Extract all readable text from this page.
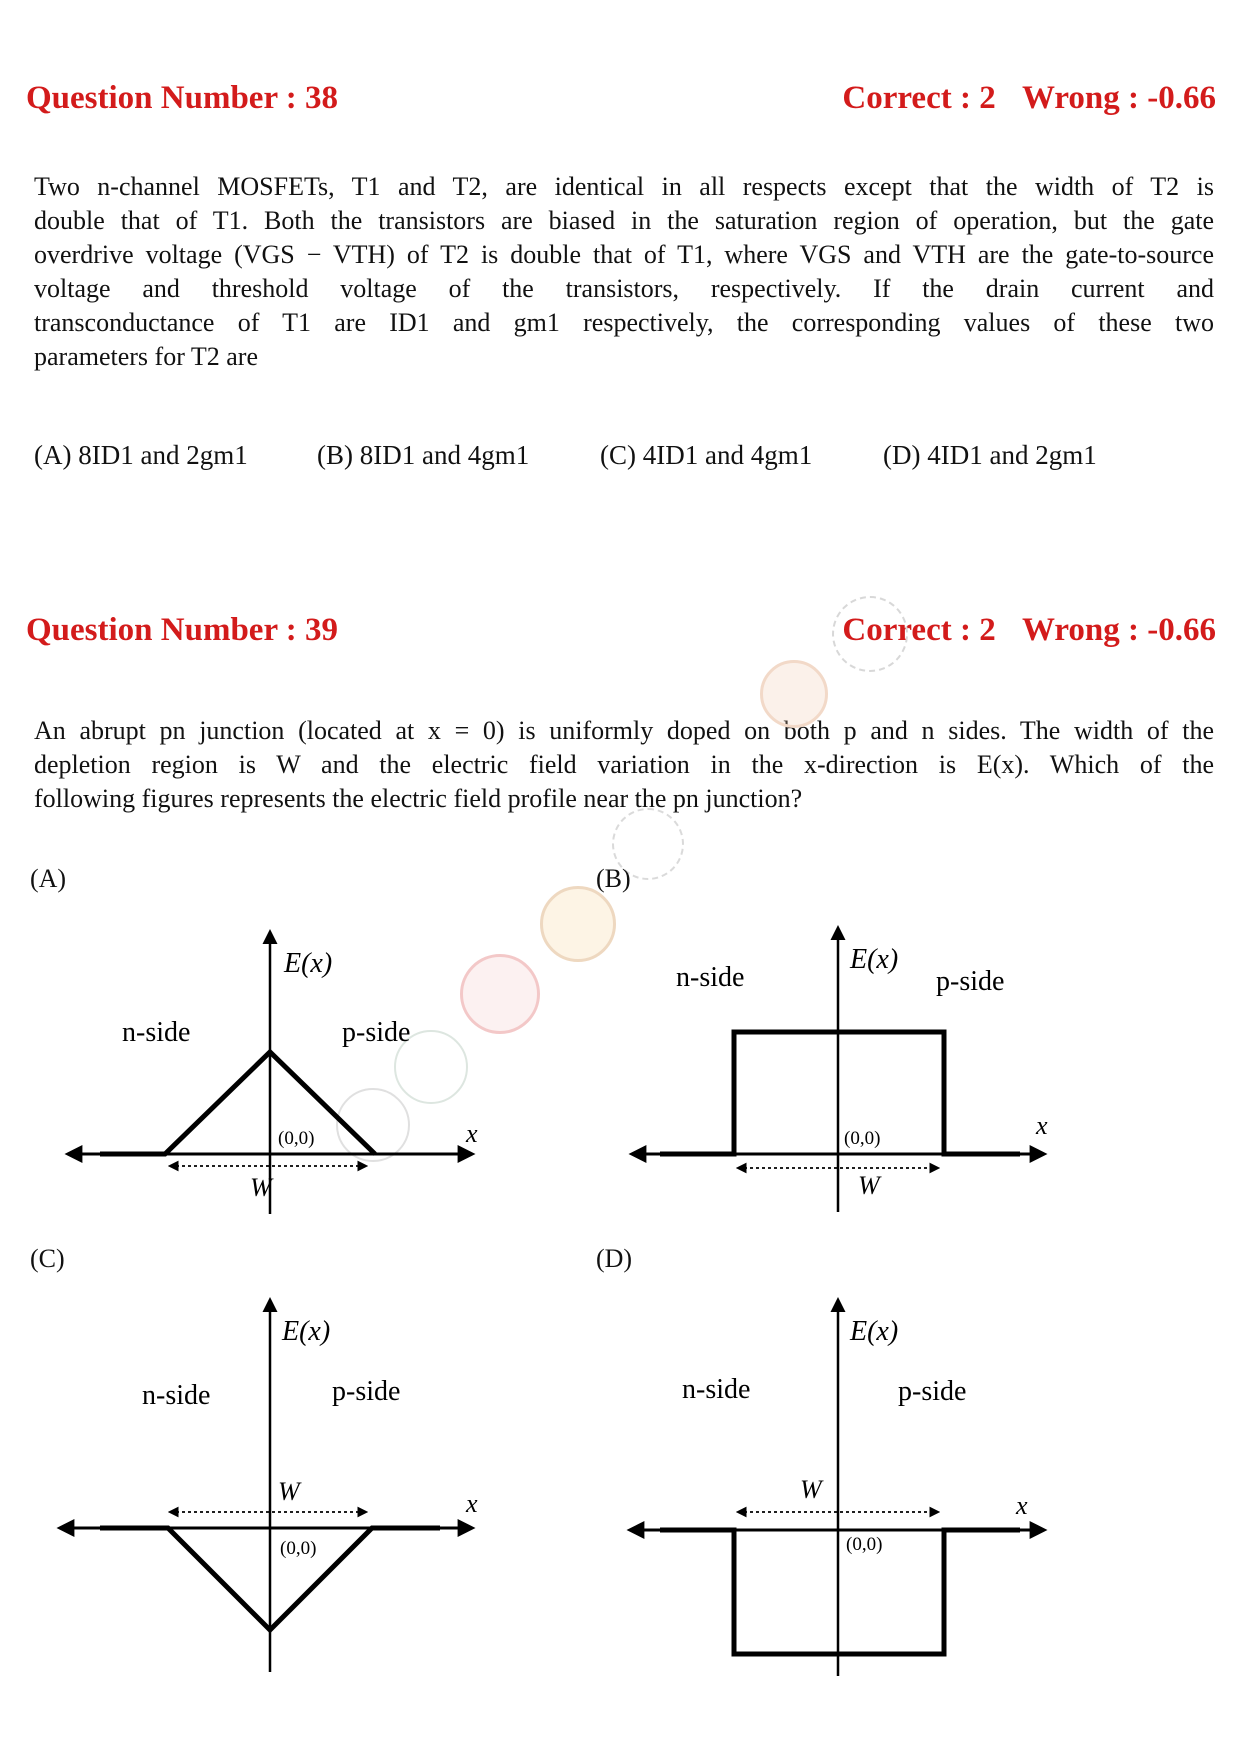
Question Number : 38	Correct : 2 Wrong : -0.66
Two n-channel MOSFETs, T1 and T2, are identical in all respects except that the width of T2 is
double that of T1. Both the transistors are biased in the saturation region of operation, but the gate
overdrive voltage (VGS − VTH) of T2 is double that of T1, where VGS and VTH are the gate-to-source
voltage and threshold voltage of the transistors, respectively. If the drain current and
transconductance of T1 are ID1 and gm1 respectively, the corresponding values of these two
parameters for T2 are
(A) 8ID1 and 2gm1	(B) 8ID1 and 4gm1	(C) 4ID1 and 4gm1	(D) 4ID1 and 2gm1
Question Number : 39	Correct : 2 Wrong : -0.66
An abrupt pn junction (located at x = 0) is uniformly doped on both p and n sides. The width of the
depletion region is W and the electric field variation in the x-direction is E(x). Which of the
following figures represents the electric field profile near the pn junction?
(A)	(B)
(C)	(D)
W
E(x)
n-side	p-side
(0,0)	x
W
E(x)
n-side	p-side
(0,0)	x
W
E(x)
n-side	p-side
(0,0)
x	W
E(x)
n-side	p-side
(0,0)
x
